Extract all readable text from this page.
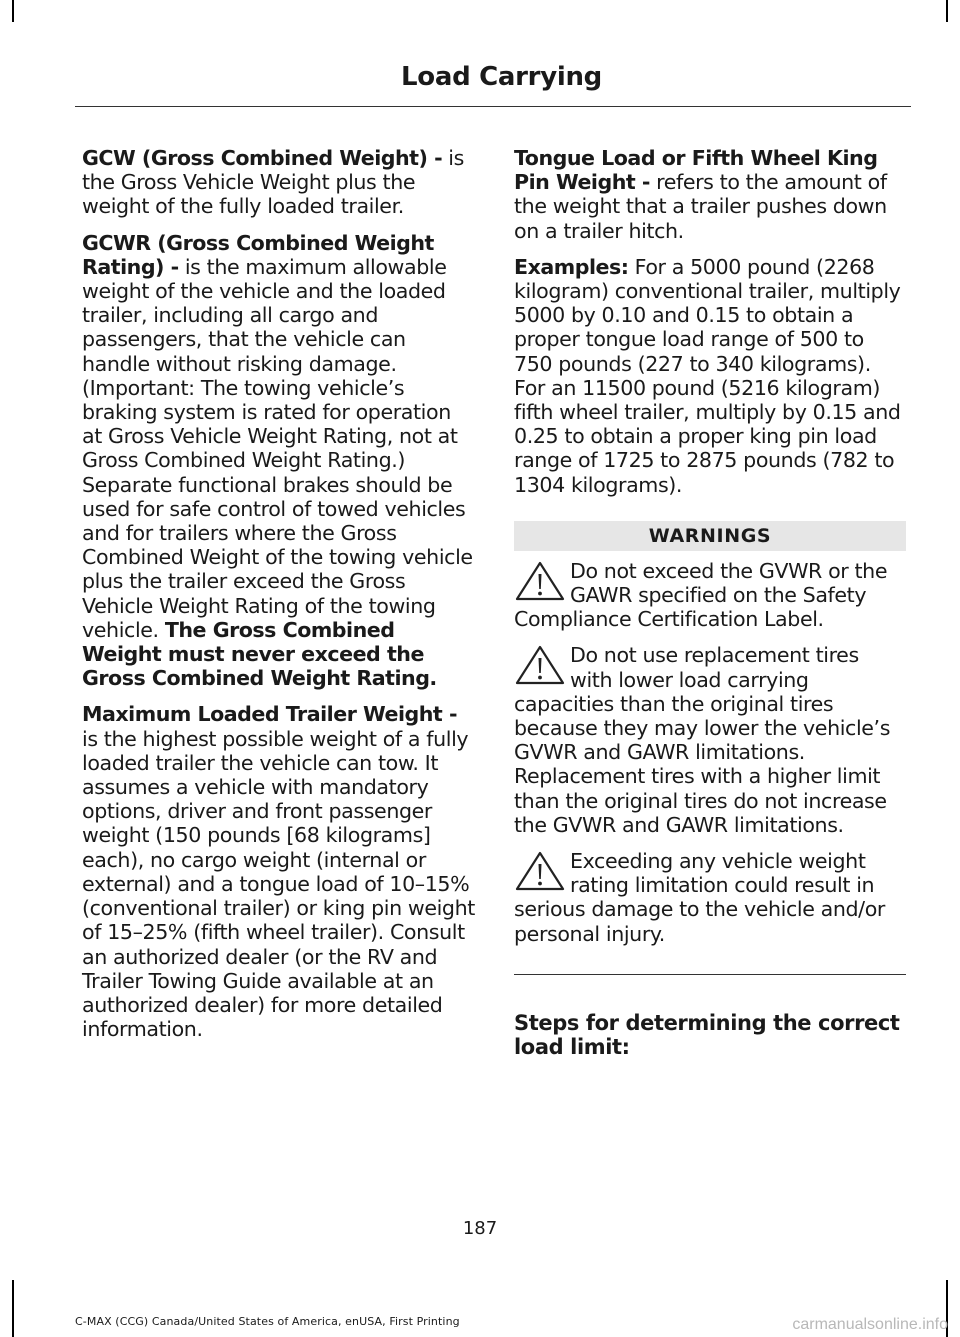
Load Carrying

GCW (Gross Combined Weight) - is the Gross Vehicle Weight plus the weight of the fully loaded trailer.

GCWR (Gross Combined Weight Rating) - is the maximum allowable weight of the vehicle and the loaded trailer, including all cargo and passengers, that the vehicle can handle without risking damage. (Important: The towing vehicle’s braking system is rated for operation at Gross Vehicle Weight Rating, not at Gross Combined Weight Rating.) Separate functional brakes should be used for safe control of towed vehicles and for trailers where the Gross Combined Weight of the towing vehicle plus the trailer exceed the Gross Vehicle Weight Rating of the towing vehicle. The Gross Combined Weight must never exceed the Gross Combined Weight Rating.

Maximum Loaded Trailer Weight - is the highest possible weight of a fully loaded trailer the vehicle can tow. It assumes a vehicle with mandatory options, driver and front passenger weight (150 pounds [68 kilograms] each), no cargo weight (internal or external) and a tongue load of 10–15% (conventional trailer) or king pin weight of 15–25% (fifth wheel trailer). Consult an authorized dealer (or the RV and Trailer Towing Guide available at an authorized dealer) for more detailed information.

Tongue Load or Fifth Wheel King Pin Weight - refers to the amount of the weight that a trailer pushes down on a trailer hitch.

Examples: For a 5000 pound (2268 kilogram) conventional trailer, multiply 5000 by 0.10 and 0.15 to obtain a proper tongue load range of 500 to 750 pounds (227 to 340 kilograms). For an 11500 pound (5216 kilogram) fifth wheel trailer, multiply by 0.15 and 0.25 to obtain a proper king pin load range of 1725 to 2875 pounds (782 to 1304 kilograms).

WARNINGS
Do not exceed the GVWR or the GAWR specified on the Safety Compliance Certification Label.
Do not use replacement tires with lower load carrying capacities than the original tires because they may lower the vehicle’s GVWR and GAWR limitations. Replacement tires with a higher limit than the original tires do not increase the GVWR and GAWR limitations.
Exceeding any vehicle weight rating limitation could result in serious damage to the vehicle and/or personal injury.
Steps for determining the correct load limit:
187
C-MAX (CCG) Canada/United States of America, enUSA, First Printing	carmanualsonline.info
